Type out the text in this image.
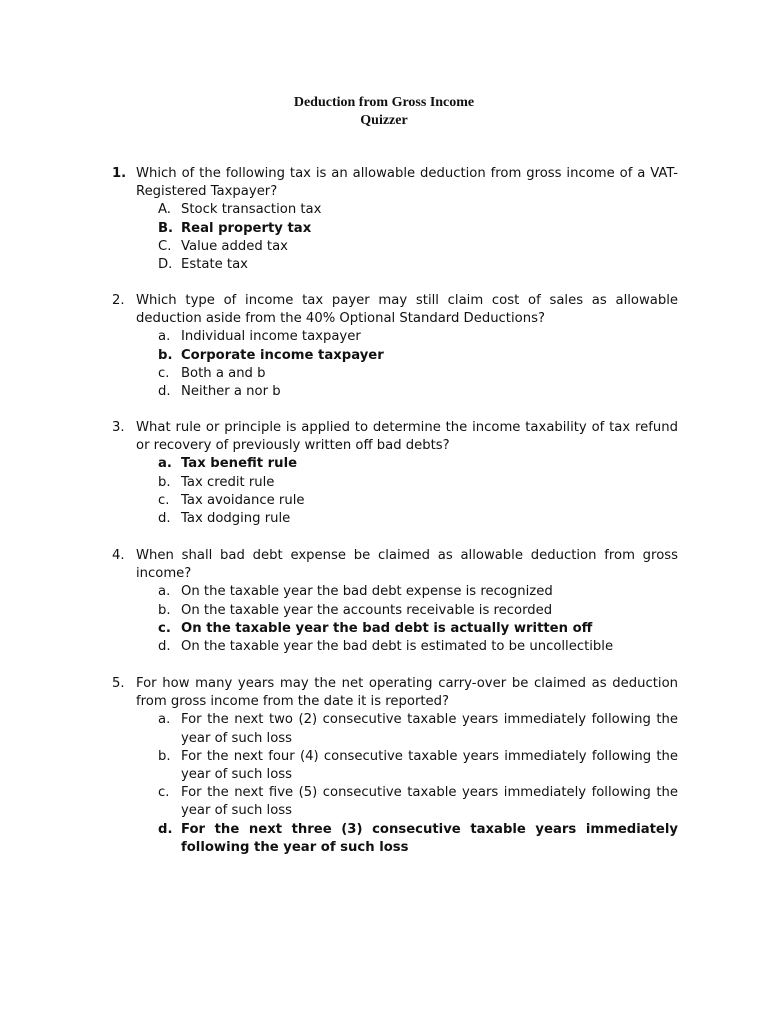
Deduction from Gross Income
Quizzer
1. Which of the following tax is an allowable deduction from gross income of a VAT-Registered Taxpayer?
A. Stock transaction tax
B. Real property tax
C. Value added tax
D. Estate tax
2. Which type of income tax payer may still claim cost of sales as allowable deduction aside from the 40% Optional Standard Deductions?
a. Individual income taxpayer
b. Corporate income taxpayer
c. Both a and b
d. Neither a nor b
3. What rule or principle is applied to determine the income taxability of tax refund or recovery of previously written off bad debts?
a. Tax benefit rule
b. Tax credit rule
c. Tax avoidance rule
d. Tax dodging rule
4. When shall bad debt expense be claimed as allowable deduction from gross income?
a. On the taxable year the bad debt expense is recognized
b. On the taxable year the accounts receivable is recorded
c. On the taxable year the bad debt is actually written off
d. On the taxable year the bad debt is estimated to be uncollectible
5. For how many years may the net operating carry-over be claimed as deduction from gross income from the date it is reported?
a. For the next two (2) consecutive taxable years immediately following the year of such loss
b. For the next four (4) consecutive taxable years immediately following the year of such loss
c. For the next five (5) consecutive taxable years immediately following the year of such loss
d. For the next three (3) consecutive taxable years immediately following the year of such loss
